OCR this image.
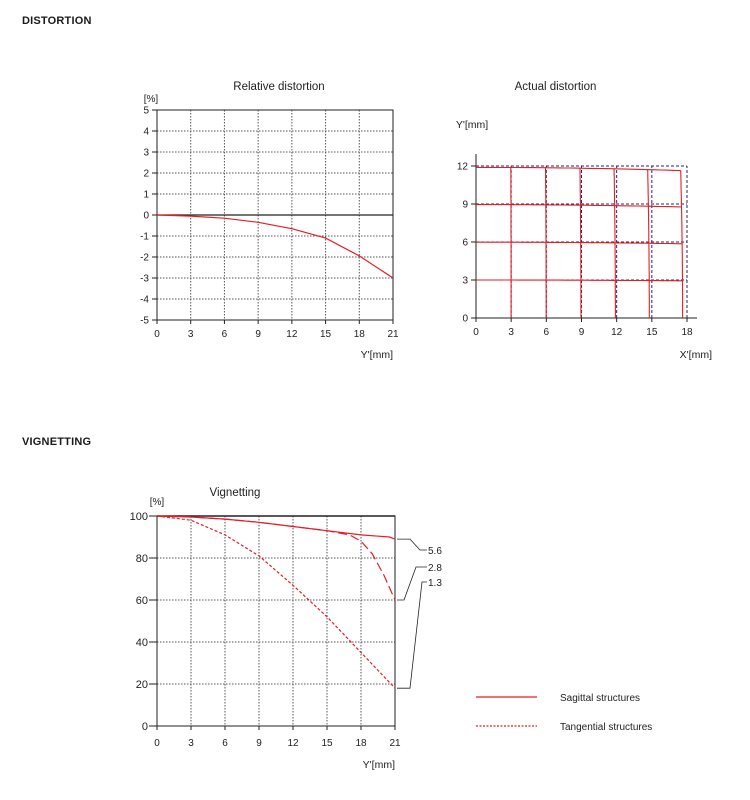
DISTORTION
VIGNETTING
0	3	6	9	12 15 18 21
5
4
3
2
1
0
-1
-2
-3
-4
-5
Relative distortion
[%]
Y'[mm]
0	3	6	9	12 15 18
12
9
6
3
0
Actual distortion
Y'[mm]
X'[mm]
0	3	6	9	12 15 18 21
100
80
60
40
20
0
Vignetting
[%]
Y'[mm]
5.6
2.8
1.3
Sagittal structures
Tangential structures
